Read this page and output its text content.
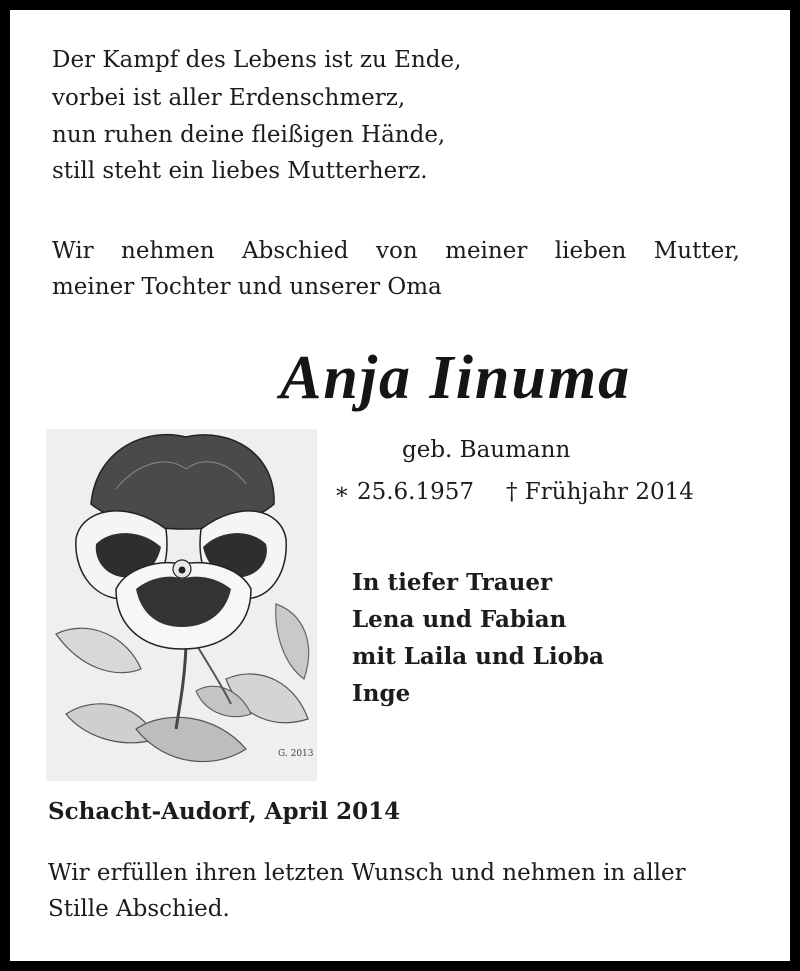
Der Kampf des Lebens ist zu Ende,
vorbei ist aller Erdenschmerz,
nun ruhen deine fleißigen Hände,
still steht ein liebes Mutterherz.
Wir nehmen Abschied von meiner lieben Mutter,
meiner Tochter und unserer Oma
Anja Iinuma
G. 2013
geb. Baumann
∗ 25.6.1957 † Frühjahr 2014
In tiefer Trauer
Lena und Fabian
mit Laila und Lioba
Inge
Schacht-Audorf, April 2014
Wir erfüllen ihren letzten Wunsch und nehmen in aller
Stille Abschied.
